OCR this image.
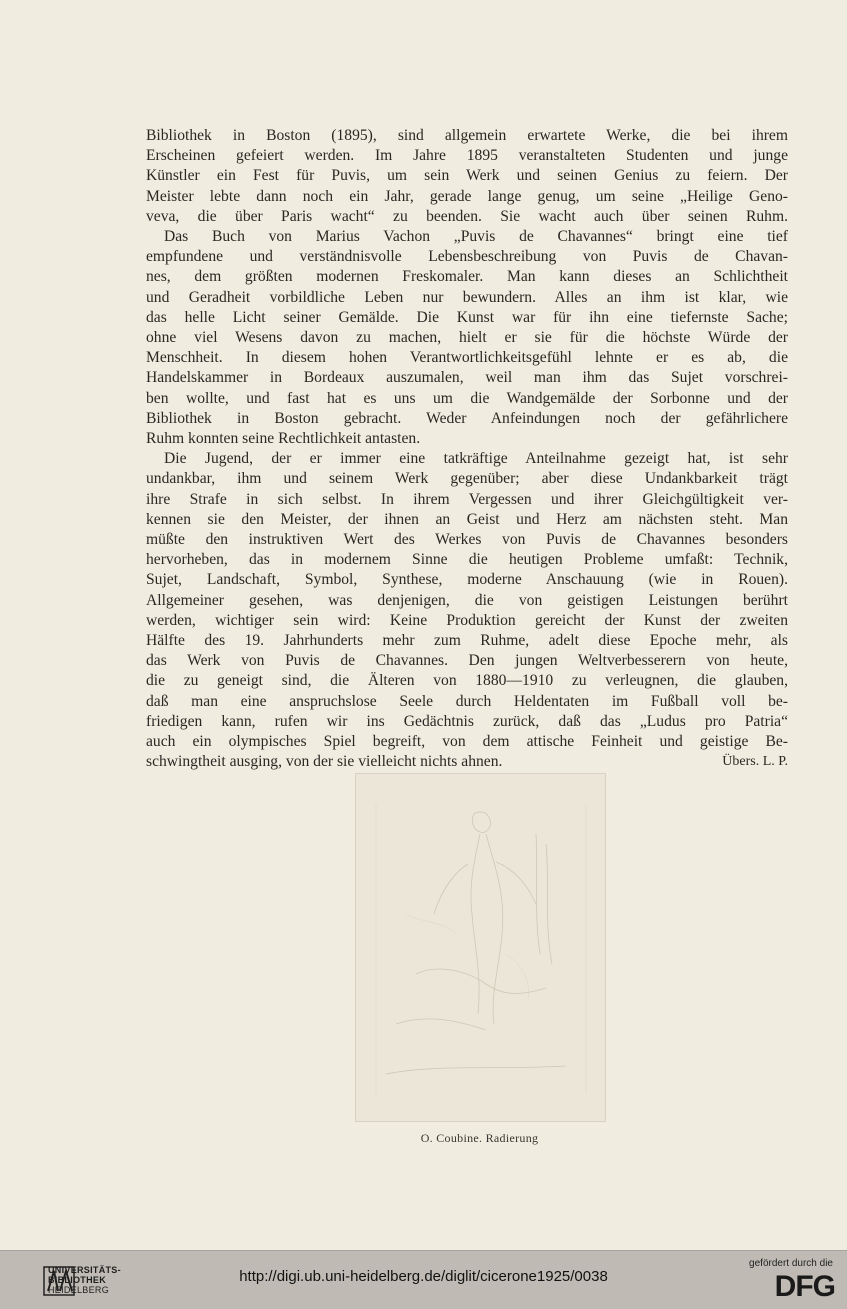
Bibliothek in Boston (1895), sind allgemein erwartete Werke, die bei ihrem
Erscheinen gefeiert werden. Im Jahre 1895 veranstalteten Studenten und junge
Künstler ein Fest für Puvis, um sein Werk und seinen Genius zu feiern. Der
Meister lebte dann noch ein Jahr, gerade lange genug, um seine „Heilige Geno-
veva, die über Paris wacht“ zu beenden. Sie wacht auch über seinen Ruhm.
Das Buch von Marius Vachon „Puvis de Chavannes“ bringt eine tief
empfundene und verständnisvolle Lebensbeschreibung von Puvis de Chavan-
nes, dem größten modernen Freskomaler. Man kann dieses an Schlichtheit
und Geradheit vorbildliche Leben nur bewundern. Alles an ihm ist klar, wie
das helle Licht seiner Gemälde. Die Kunst war für ihn eine tiefernste Sache;
ohne viel Wesens davon zu machen, hielt er sie für die höchste Würde der
Menschheit. In diesem hohen Verantwortlichkeitsgefühl lehnte er es ab, die
Handelskammer in Bordeaux auszumalen, weil man ihm das Sujet vorschrei-
ben wollte, und fast hat es uns um die Wandgemälde der Sorbonne und der
Bibliothek in Boston gebracht. Weder Anfeindungen noch der gefährlichere
Ruhm konnten seine Rechtlichkeit antasten.
Die Jugend, der er immer eine tatkräftige Anteilnahme gezeigt hat, ist sehr
undankbar, ihm und seinem Werk gegenüber; aber diese Undankbarkeit trägt
ihre Strafe in sich selbst. In ihrem Vergessen und ihrer Gleichgültigkeit ver-
kennen sie den Meister, der ihnen an Geist und Herz am nächsten steht. Man
müßte den instruktiven Wert des Werkes von Puvis de Chavannes besonders
hervorheben, das in modernem Sinne die heutigen Probleme umfaßt: Technik,
Sujet, Landschaft, Symbol, Synthese, moderne Anschauung (wie in Rouen).
Allgemeiner gesehen, was denjenigen, die von geistigen Leistungen berührt
werden, wichtiger sein wird: Keine Produktion gereicht der Kunst der zweiten
Hälfte des 19. Jahrhunderts mehr zum Ruhme, adelt diese Epoche mehr, als
das Werk von Puvis de Chavannes. Den jungen Weltverbesserern von heute,
die zu geneigt sind, die Älteren von 1880—1910 zu verleugnen, die glauben,
daß man eine anspruchslose Seele durch Heldentaten im Fußball voll be-
friedigen kann, rufen wir ins Gedächtnis zurück, daß das „Ludus pro Patria“
auch ein olympisches Spiel begreift, von dem attische Feinheit und geistige Be-
schwingtheit ausging, von der sie vielleicht nichts ahnen.	Übers. L. P.
O. Coubine. Radierung
UNIVERSITÄTS-
BIBLIOTHEK
HEIDELBERG
http://digi.ub.uni-heidelberg.de/diglit/cicerone1925/0038
gefördert durch die
DFG
